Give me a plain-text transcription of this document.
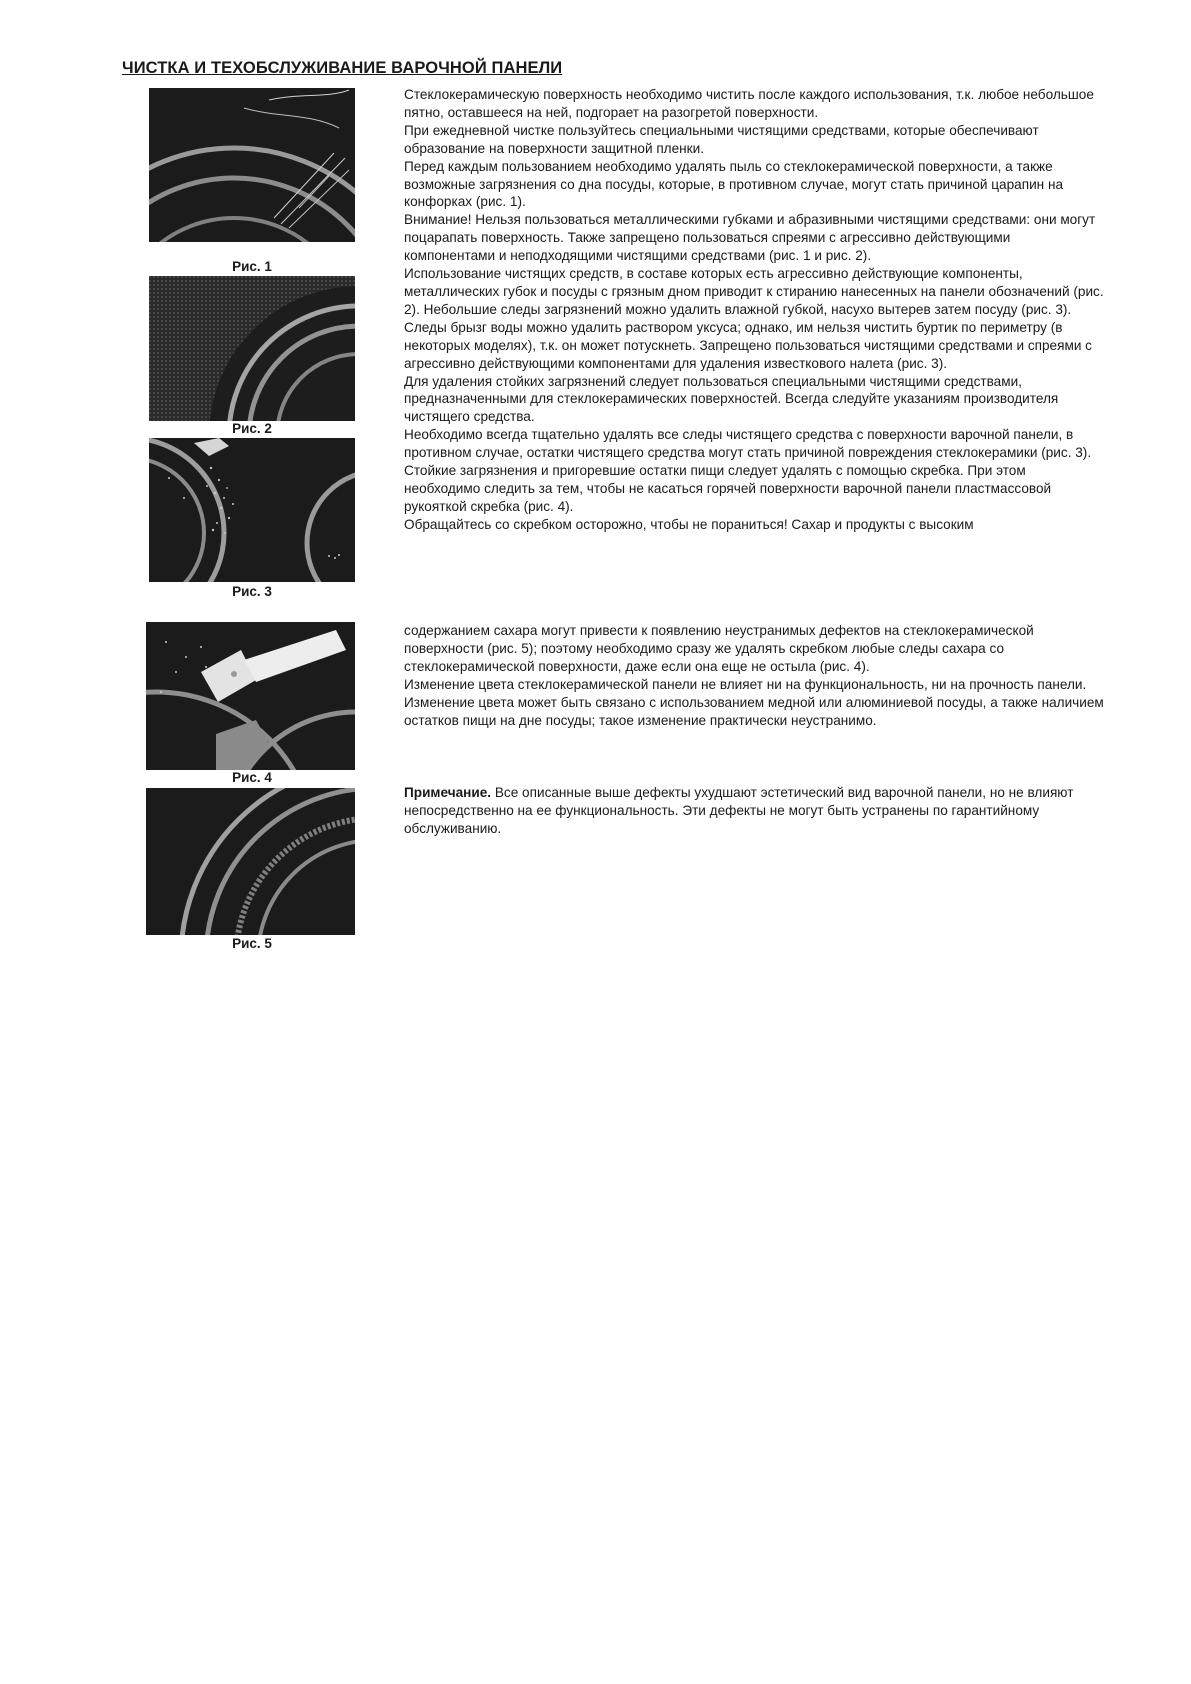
ЧИСТКА И ТЕХОБСЛУЖИВАНИЕ ВАРОЧНОЙ ПАНЕЛИ
Рис. 1
Рис. 2
Рис. 3
Рис. 4
Рис. 5

Стеклокерамическую поверхность необходимо чистить после каждого использования, т.к. любое небольшое пятно, оставшееся на ней, подгорает на разогретой поверхности.

При ежедневной чистке пользуйтесь специальными чистящими средствами, которые обеспечивают образование на поверхности защитной пленки.

Перед каждым пользованием необходимо удалять пыль со стеклокерамической поверхности, а также возможные загрязнения со дна посуды, которые, в противном случае, могут стать причиной царапин на конфорках (рис. 1).

Внимание! Нельзя пользоваться металлическими губками и абразивными чистящими средствами: они могут поцарапать поверхность. Также запрещено пользоваться спреями с агрессивно действующими компонентами и неподходящими чистящими средствами (рис. 1 и рис. 2).

Использование чистящих средств, в составе которых есть агрессивно действующие компоненты, металлических губок и посуды с грязным дном приводит к стиранию нанесенных на панели обозначений (рис. 2). Небольшие следы загрязнений можно удалить влажной губкой, насухо вытерев затем посуду (рис. 3).

Следы брызг воды можно удалить раствором уксуса; однако, им нельзя чистить буртик по периметру (в некоторых моделях), т.к. он может потускнеть. Запрещено пользоваться чистящими средствами и спреями с агрессивно действующими компонентами для удаления известкового налета (рис. 3).

Для удаления стойких загрязнений следует пользоваться специальными чистящими средствами, предназначенными для стеклокерамических поверхностей. Всегда следуйте указаниям производителя чистящего средства.

Необходимо всегда тщательно удалять все следы чистящего средства с поверхности варочной панели, в противном случае, остатки чистящего средства могут стать причиной повреждения стеклокерамики (рис. 3).

Стойкие загрязнения и пригоревшие остатки пищи следует удалять с помощью скребка. При этом необходимо следить за тем, чтобы не касаться горячей поверхности варочной панели пластмассовой рукояткой скребка (рис. 4).

Обращайтесь со скребком осторожно, чтобы не пораниться! Сахар и продукты с высоким

содержанием сахара могут привести к появлению неустранимых дефектов на стеклокерамической поверхности (рис. 5); поэтому необходимо сразу же удалять скребком любые следы сахара со стеклокерамической поверхности, даже если она еще не остыла (рис. 4).

Изменение цвета стеклокерамической панели не влияет ни на функциональность, ни на прочность панели. Изменение цвета может быть связано с использованием медной или алюминиевой посуды, а также наличием остатков пищи на дне посуды; такое изменение практически неустранимо.

Примечание. Все описанные выше дефекты ухудшают эстетический вид варочной панели, но не влияют непосредственно на ее функциональность. Эти дефекты не могут быть устранены по гарантийному обслуживанию.
